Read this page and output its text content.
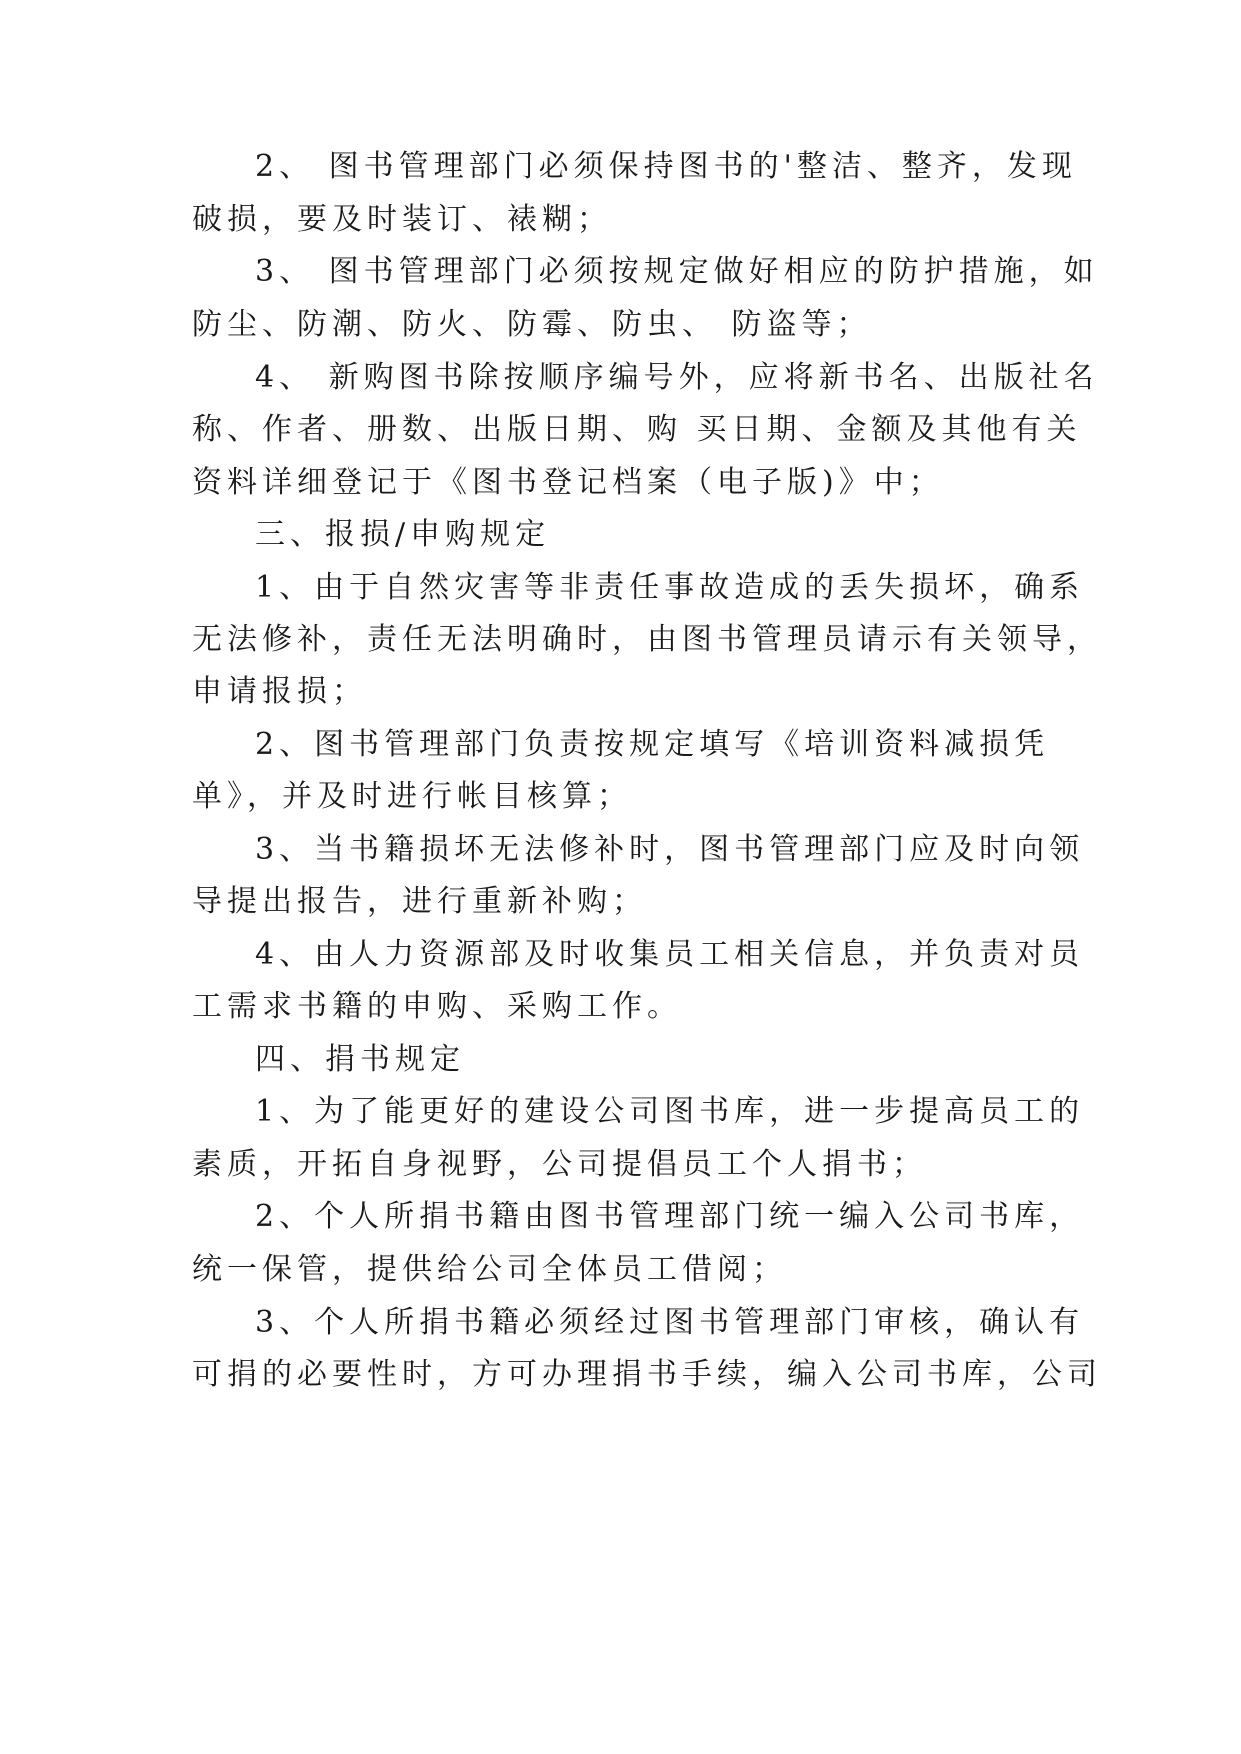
2、 图书管理部门必须保持图书的'整洁、整齐，发现
破损，要及时装订、裱糊；
3、 图书管理部门必须按规定做好相应的防护措施，如
防尘、防潮、防火、防霉、防虫、 防盗等；
4、 新购图书除按顺序编号外，应将新书名、出版社名
称、作者、册数、出版日期、购 买日期、金额及其他有关
资料详细登记于《图书登记档案（电子版)》中；
三、报损/申购规定
1、由于自然灾害等非责任事故造成的丢失损坏，确系
无法修补，责任无法明确时，由图书管理员请示有关领导，
申请报损；
2、图书管理部门负责按规定填写《培训资料减损凭
单》，并及时进行帐目核算；
3、当书籍损坏无法修补时，图书管理部门应及时向领
导提出报告，进行重新补购；
4、由人力资源部及时收集员工相关信息，并负责对员
工需求书籍的申购、采购工作。
四、捐书规定
1、为了能更好的建设公司图书库，进一步提高员工的
素质，开拓自身视野，公司提倡员工个人捐书；
2、个人所捐书籍由图书管理部门统一编入公司书库，
统一保管，提供给公司全体员工借阅；
3、个人所捐书籍必须经过图书管理部门审核，确认有
可捐的必要性时，方可办理捐书手续，编入公司书库，公司
